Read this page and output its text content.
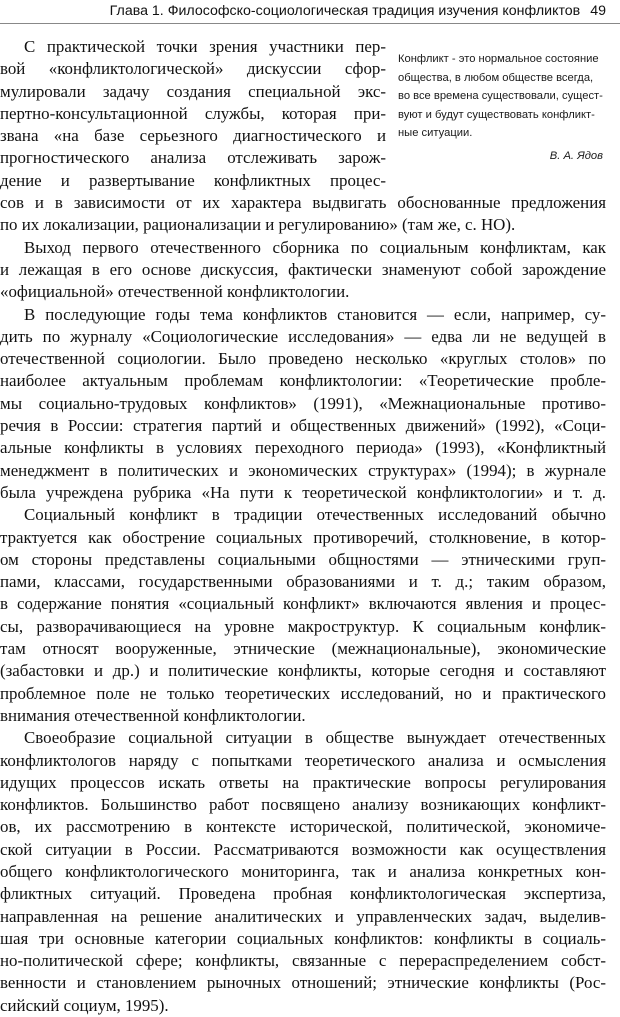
Глава 1. Философско-социологическая традиция изучения конфликтов 49
Конфликт - это нормальное состояние
общества, в любом обществе всегда,
во все времена существовали, сущест-
вуют и будут существовать конфликт-
ные ситуации.
В. А. Ядов
С практической точки зрения участники пер-
вой «конфликтологической» дискуссии сфор-
мулировали задачу создания специальной экс-
пертно-консультационной службы, которая при-
звана «на базе серьезного диагностического и
прогностического анализа отслеживать зарож-
дение и развертывание конфликтных процес-
сов и в зависимости от их характера выдвигать обоснованные предложения
по их локализации, рационализации и регулированию» (там же, с. НО).
Выход первого отечественного сборника по социальным конфликтам, как
и лежащая в его основе дискуссия, фактически знаменуют собой зарождение
«официальной» отечественной конфликтологии.
В последующие годы тема конфликтов становится — если, например, су-
дить по журналу «Социологические исследования» — едва ли не ведущей в
отечественной социологии. Было проведено несколько «круглых столов» по
наиболее актуальным проблемам конфликтологии: «Теоретические пробле-
мы социально-трудовых конфликтов» (1991), «Межнациональные противо-
речия в России: стратегия партий и общественных движений» (1992), «Соци-
альные конфликты в условиях переходного периода» (1993), «Конфликтный
менеджмент в политических и экономических структурах» (1994); в журнале
была учреждена рубрика «На пути к теоретической конфликтологии» и т. д.
Социальный конфликт в традиции отечественных исследований обычно
трактуется как обострение социальных противоречий, столкновение, в котор-
ом стороны представлены социальными общностями — этническими груп-
пами, классами, государственными образованиями и т. д.; таким образом,
в содержание понятия «социальный конфликт» включаются явления и процес-
сы, разворачивающиеся на уровне макроструктур. К социальным конфлик-
там относят вооруженные, этнические (межнациональные), экономические
(забастовки и др.) и политические конфликты, которые сегодня и составляют
проблемное поле не только теоретических исследований, но и практического
внимания отечественной конфликтологии.
Своеобразие социальной ситуации в обществе вынуждает отечественных
конфликтологов наряду с попытками теоретического анализа и осмысления
идущих процессов искать ответы на практические вопросы регулирования
конфликтов. Большинство работ посвящено анализу возникающих конфликт-
ов, их рассмотрению в контексте исторической, политической, экономиче-
ской ситуации в России. Рассматриваются возможности как осуществления
общего конфликтологического мониторинга, так и анализа конкретных кон-
фликтных ситуаций. Проведена пробная конфликтологическая экспертиза,
направленная на решение аналитических и управленческих задач, выделив-
шая три основные категории социальных конфликтов: конфликты в социаль-
но-политической сфере; конфликты, связанные с перераспределением собст-
венности и становлением рыночных отношений; этнические конфликты (Рос-
сийский социум, 1995).
